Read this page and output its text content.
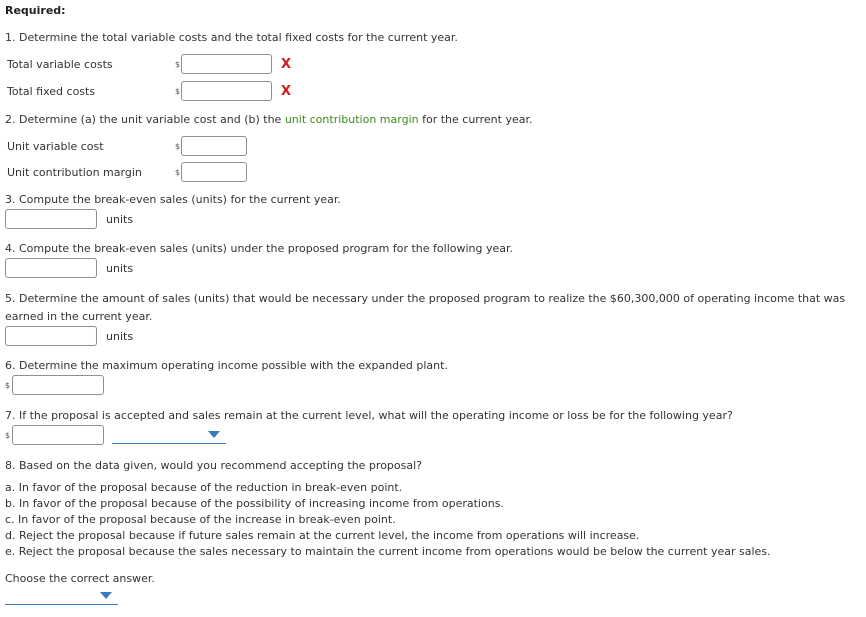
Required:
1. Determine the total variable costs and the total fixed costs for the current year.
Total variable costs	$	X
Total fixed costs	$	X
2. Determine (a) the unit variable cost and (b) the unit contribution margin for the current year.
Unit variable cost	$
Unit contribution margin	$
3. Compute the break-even sales (units) for the current year.
units
4. Compute the break-even sales (units) under the proposed program for the following year.
units
5. Determine the amount of sales (units) that would be necessary under the proposed program to realize the $60,300,000 of operating income that was
earned in the current year.
units
6. Determine the maximum operating income possible with the expanded plant.
$
7. If the proposal is accepted and sales remain at the current level, what will the operating income or loss be for the following year?
$
8. Based on the data given, would you recommend accepting the proposal?
a. In favor of the proposal because of the reduction in break-even point.
b. In favor of the proposal because of the possibility of increasing income from operations.
c. In favor of the proposal because of the increase in break-even point.
d. Reject the proposal because if future sales remain at the current level, the income from operations will increase.
e. Reject the proposal because the sales necessary to maintain the current income from operations would be below the current year sales.
Choose the correct answer.
